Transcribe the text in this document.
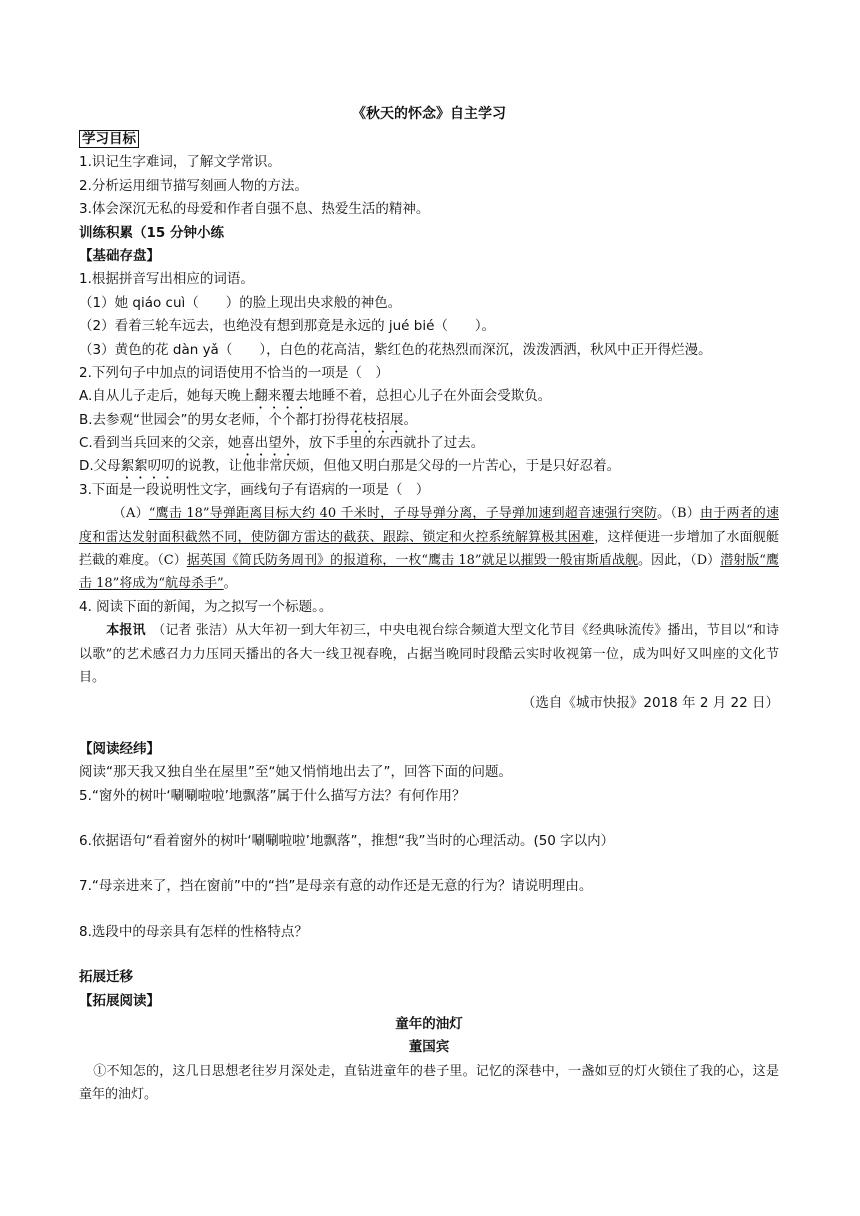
《秋天的怀念》自主学习
学习目标
1.识记生字难词，了解文学常识。
2.分析运用细节描写刻画人物的方法。
3.体会深沉无私的母爱和作者自强不息、热爱生活的精神。
训练积累（15 分钟小练
【基础存盘】
1.根据拼音写出相应的词语。
（1）她 qiáo cuì（　　）的脸上现出央求般的神色。
（2）看着三轮车远去，也绝没有想到那竟是永远的 jué bié（　　）。
（3）黄色的花 dàn yǎ（　　），白色的花高洁，紫红色的花热烈而深沉，泼泼洒洒，秋风中正开得烂漫。
2.下列句子中加点的词语使用不恰当的一项是（　）
A.自从儿子走后，她每天晚上翻来覆去地睡不着，总担心儿子在外面会受欺负。
B.去参观“世园会”的男女老师，个个都打扮得花枝招展。
C.看到当兵回来的父亲，她喜出望外，放下手里的东西就扑了过去。
D.父母絮絮叨叨的说教，让他非常厌烦，但他又明白那是父母的一片苦心，于是只好忍着。
3.下面是一段说明性文字，画线句子有语病的一项是（　）
（A）“鹰击 18”导弹距离目标大约 40 千米时，子母导弹分离，子导弹加速到超音速强行突防。（B）由于两者的速度和雷达发射面积截然不同，使防御方雷达的截获、跟踪、锁定和火控系统解算极其困难，这样便进一步增加了水面舰艇拦截的难度。（C）据英国《简氏防务周刊》的报道称，一枚“鹰击 18”就足以摧毁一般宙斯盾战舰。因此，（D）潜射版“鹰击 18”将成为“航母杀手”。
4. 阅读下面的新闻，为之拟写一个标题。。
本报讯　 （记者 张洁）从大年初一到大年初三，中央电视台综合频道大型文化节目《经典咏流传》播出，节目以“和诗以歌”的艺术感召力力压同天播出的各大一线卫视春晚，占据当晚同时段酷云实时收视第一位，成为叫好又叫座的文化节目。
（选自《城市快报》2018 年 2 月 22 日）
【阅读经纬】
阅读“那天我又独自坐在屋里”至“她又悄悄地出去了”，回答下面的问题。
5.“窗外的树叶‘唰唰啦啦’地飘落”属于什么描写方法？有何作用？
6.依据语句“看着窗外的树叶‘唰唰啦啦’地飘落”，推想“我”当时的心理活动。(50 字以内）
7.“母亲进来了，挡在窗前”中的“挡”是母亲有意的动作还是无意的行为？请说明理由。
8.选段中的母亲具有怎样的性格特点？
拓展迁移
【拓展阅读】
童年的油灯
董国宾
①不知怎的，这几日思想老往岁月深处走，直钻进童年的巷子里。记忆的深巷中，一盏如豆的灯火锁住了我的心，这是童年的油灯。
